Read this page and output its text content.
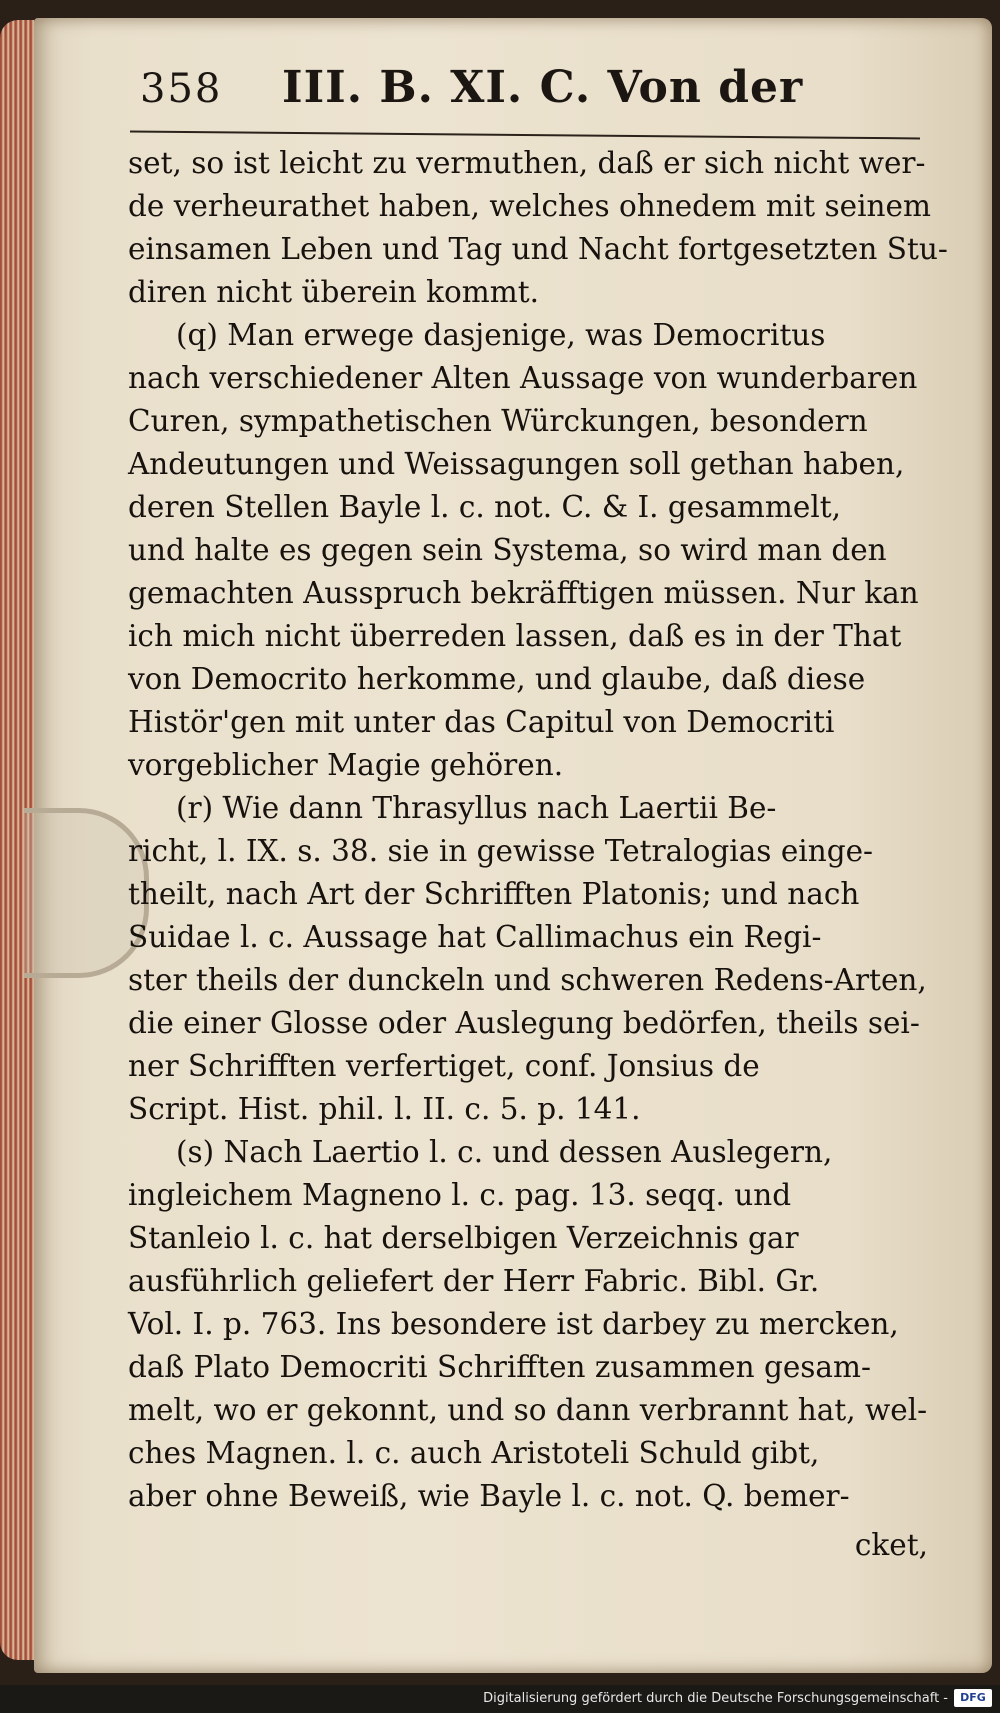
358 III. B. XI. C. Von der
set, so ist leicht zu vermuthen, daß er sich nicht wer-
de verheurathet haben, welches ohnedem mit seinem
einsamen Leben und Tag und Nacht fortgesetzten Stu-
diren nicht überein kommt.
(q) Man erwege dasjenige, was Democritus
nach verschiedener Alten Aussage von wunderbaren
Curen, sympathetischen Würckungen, besondern
Andeutungen und Weissagungen soll gethan haben,
deren Stellen Bayle l. c. not. C. & I. gesammelt,
und halte es gegen sein Systema, so wird man den
gemachten Ausspruch bekräfftigen müssen. Nur kan
ich mich nicht überreden lassen, daß es in der That
von Democrito herkomme, und glaube, daß diese
Histör'gen mit unter das Capitul von Democriti
vorgeblicher Magie gehören.
(r) Wie dann Thrasyllus nach Laertii Be-
richt, l. IX. s. 38. sie in gewisse Tetralogias einge-
theilt, nach Art der Schrifften Platonis; und nach
Suidae l. c. Aussage hat Callimachus ein Regi-
ster theils der dunckeln und schweren Redens-Arten,
die einer Glosse oder Auslegung bedörfen, theils sei-
ner Schrifften verfertiget, conf. Jonsius de
Script. Hist. phil. l. II. c. 5. p. 141.
(s) Nach Laertio l. c. und dessen Auslegern,
ingleichem Magneno l. c. pag. 13. seqq. und
Stanleio l. c. hat derselbigen Verzeichnis gar
ausführlich geliefert der Herr Fabric. Bibl. Gr.
Vol. I. p. 763. Ins besondere ist darbey zu mercken,
daß Plato Democriti Schrifften zusammen gesam-
melt, wo er gekonnt, und so dann verbrannt hat, wel-
ches Magnen. l. c. auch Aristoteli Schuld gibt,
aber ohne Beweiß, wie Bayle l. c. not. Q. bemer-
cket,
Digitalisierung gefördert durch die Deutsche Forschungsgemeinschaft -	DFG
